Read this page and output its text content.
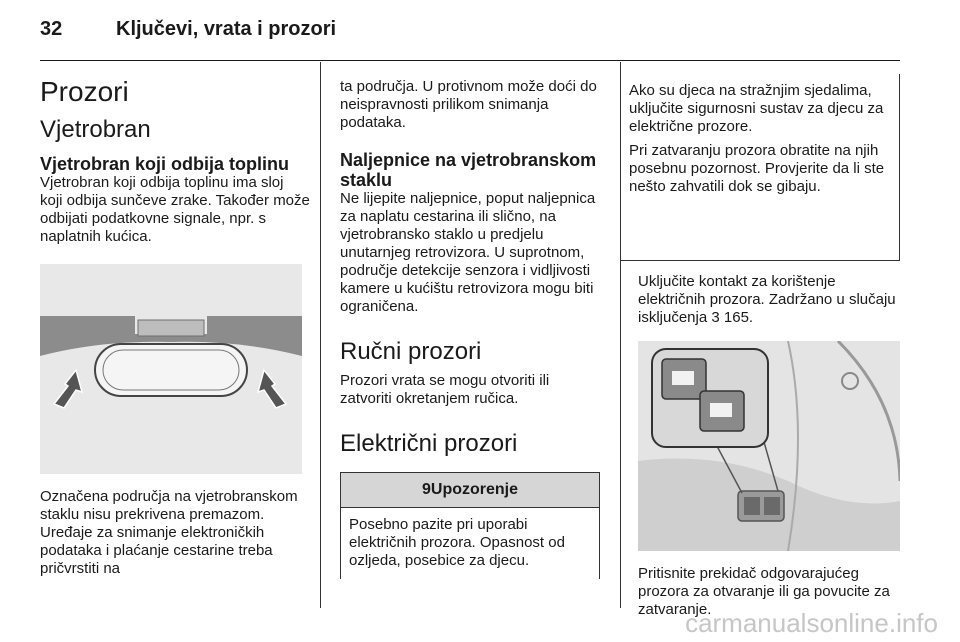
32	Ključevi, vrata i prozori
Prozori
Vjetrobran
Vjetrobran koji odbija toplinu

Vjetrobran koji odbija toplinu ima sloj koji odbija sunčeve zrake. Također može odbijati podatkovne signale, npr. s naplatnih kućica.

Označena područja na vjetrobranskom staklu nisu prekrivena premazom. Uređaje za snimanje elektroničkih podataka i plaćanje cestarine treba pričvrstiti na

ta područja. U protivnom može doći do neispravnosti prilikom snimanja podataka.

Naljepnice na vjetrobranskom staklu

Ne lijepite naljepnice, poput naljepnica za naplatu cestarina ili slično, na vjetrobransko staklo u predjelu unutarnjeg retrovizora. U suprotnom, područje detekcije senzora i vidljivosti kamere u kućištu retrovizora mogu biti ograničena.

Ručni prozori

Prozori vrata se mogu otvoriti ili zatvoriti okretanjem ručica.

Električni prozori
9Upozorenje

Posebno pazite pri uporabi električnih prozora. Opasnost od ozljeda, posebice za djecu.

Ako su djeca na stražnjim sjedalima, uključite sigurnosni sustav za djecu za električne prozore.

Pri zatvaranju prozora obratite na njih posebnu pozornost. Provjerite da li ste nešto zahvatili dok se gibaju.

Uključite kontakt za korištenje električnih prozora. Zadržano u slučaju isključenja 3 165.

Pritisnite prekidač odgovarajućeg prozora za otvaranje ili ga povucite za zatvaranje.

carmanualsonline.info
